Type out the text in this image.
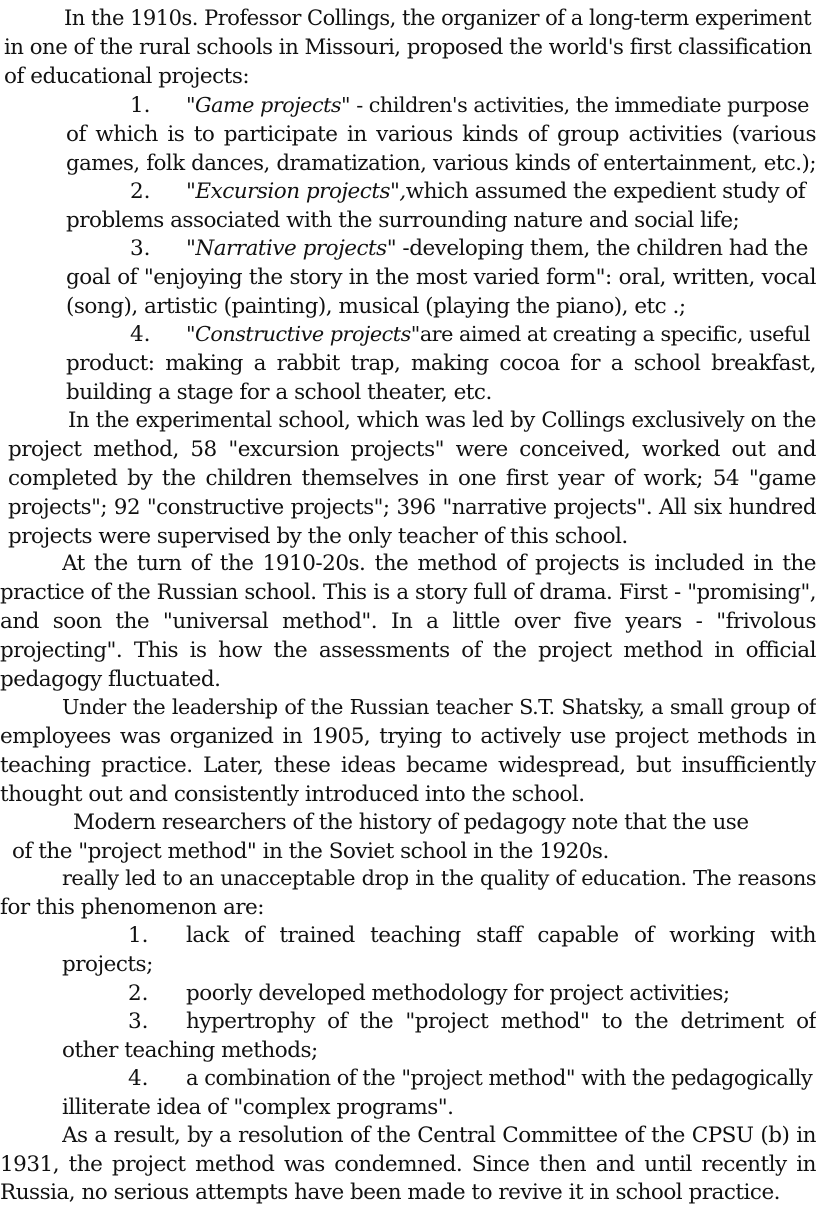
In the 1910s. Professor Collings, the organizer of a long-term experiment
in one of the rural schools in Missouri, proposed the world's first classification
of educational projects:
1. "Game projects" - children's activities, the immediate purpose
of which is to participate in various kinds of group activities (various
games, folk dances, dramatization, various kinds of entertainment, etc.);
2. "Excursion projects",which assumed the expedient study of
problems associated with the surrounding nature and social life;
3. "Narrative projects" -developing them, the children had the
goal of "enjoying the story in the most varied form": oral, written, vocal
(song), artistic (painting), musical (playing the piano), etc .;
4. "Constructive projects"are aimed at creating a specific, useful
product: making a rabbit trap, making cocoa for a school breakfast,
building a stage for a school theater, etc.
In the experimental school, which was led by Collings exclusively on the
project method, 58 "excursion projects" were conceived, worked out and
completed by the children themselves in one first year of work; 54 "game
projects"; 92 "constructive projects"; 396 "narrative projects". All six hundred
projects were supervised by the only teacher of this school.
At the turn of the 1910-20s. the method of projects is included in the
practice of the Russian school. This is a story full of drama. First - "promising",
and soon the "universal method". In a little over five years - "frivolous
projecting". This is how the assessments of the project method in official
pedagogy fluctuated.
Under the leadership of the Russian teacher S.T. Shatsky, a small group of
employees was organized in 1905, trying to actively use project methods in
teaching practice. Later, these ideas became widespread, but insufficiently
thought out and consistently introduced into the school.
Modern researchers of the history of pedagogy note that the use
of the "project method" in the Soviet school in the 1920s.
really led to an unacceptable drop in the quality of education. The reasons
for this phenomenon are:
1. lack of trained teaching staff capable of working with
projects;
2. poorly developed methodology for project activities;
3. hypertrophy of the "project method" to the detriment of
other teaching methods;
4. a combination of the "project method" with the pedagogically
illiterate idea of "complex programs".
As a result, by a resolution of the Central Committee of the CPSU (b) in
1931, the project method was condemned. Since then and until recently in
Russia, no serious attempts have been made to revive it in school practice.
